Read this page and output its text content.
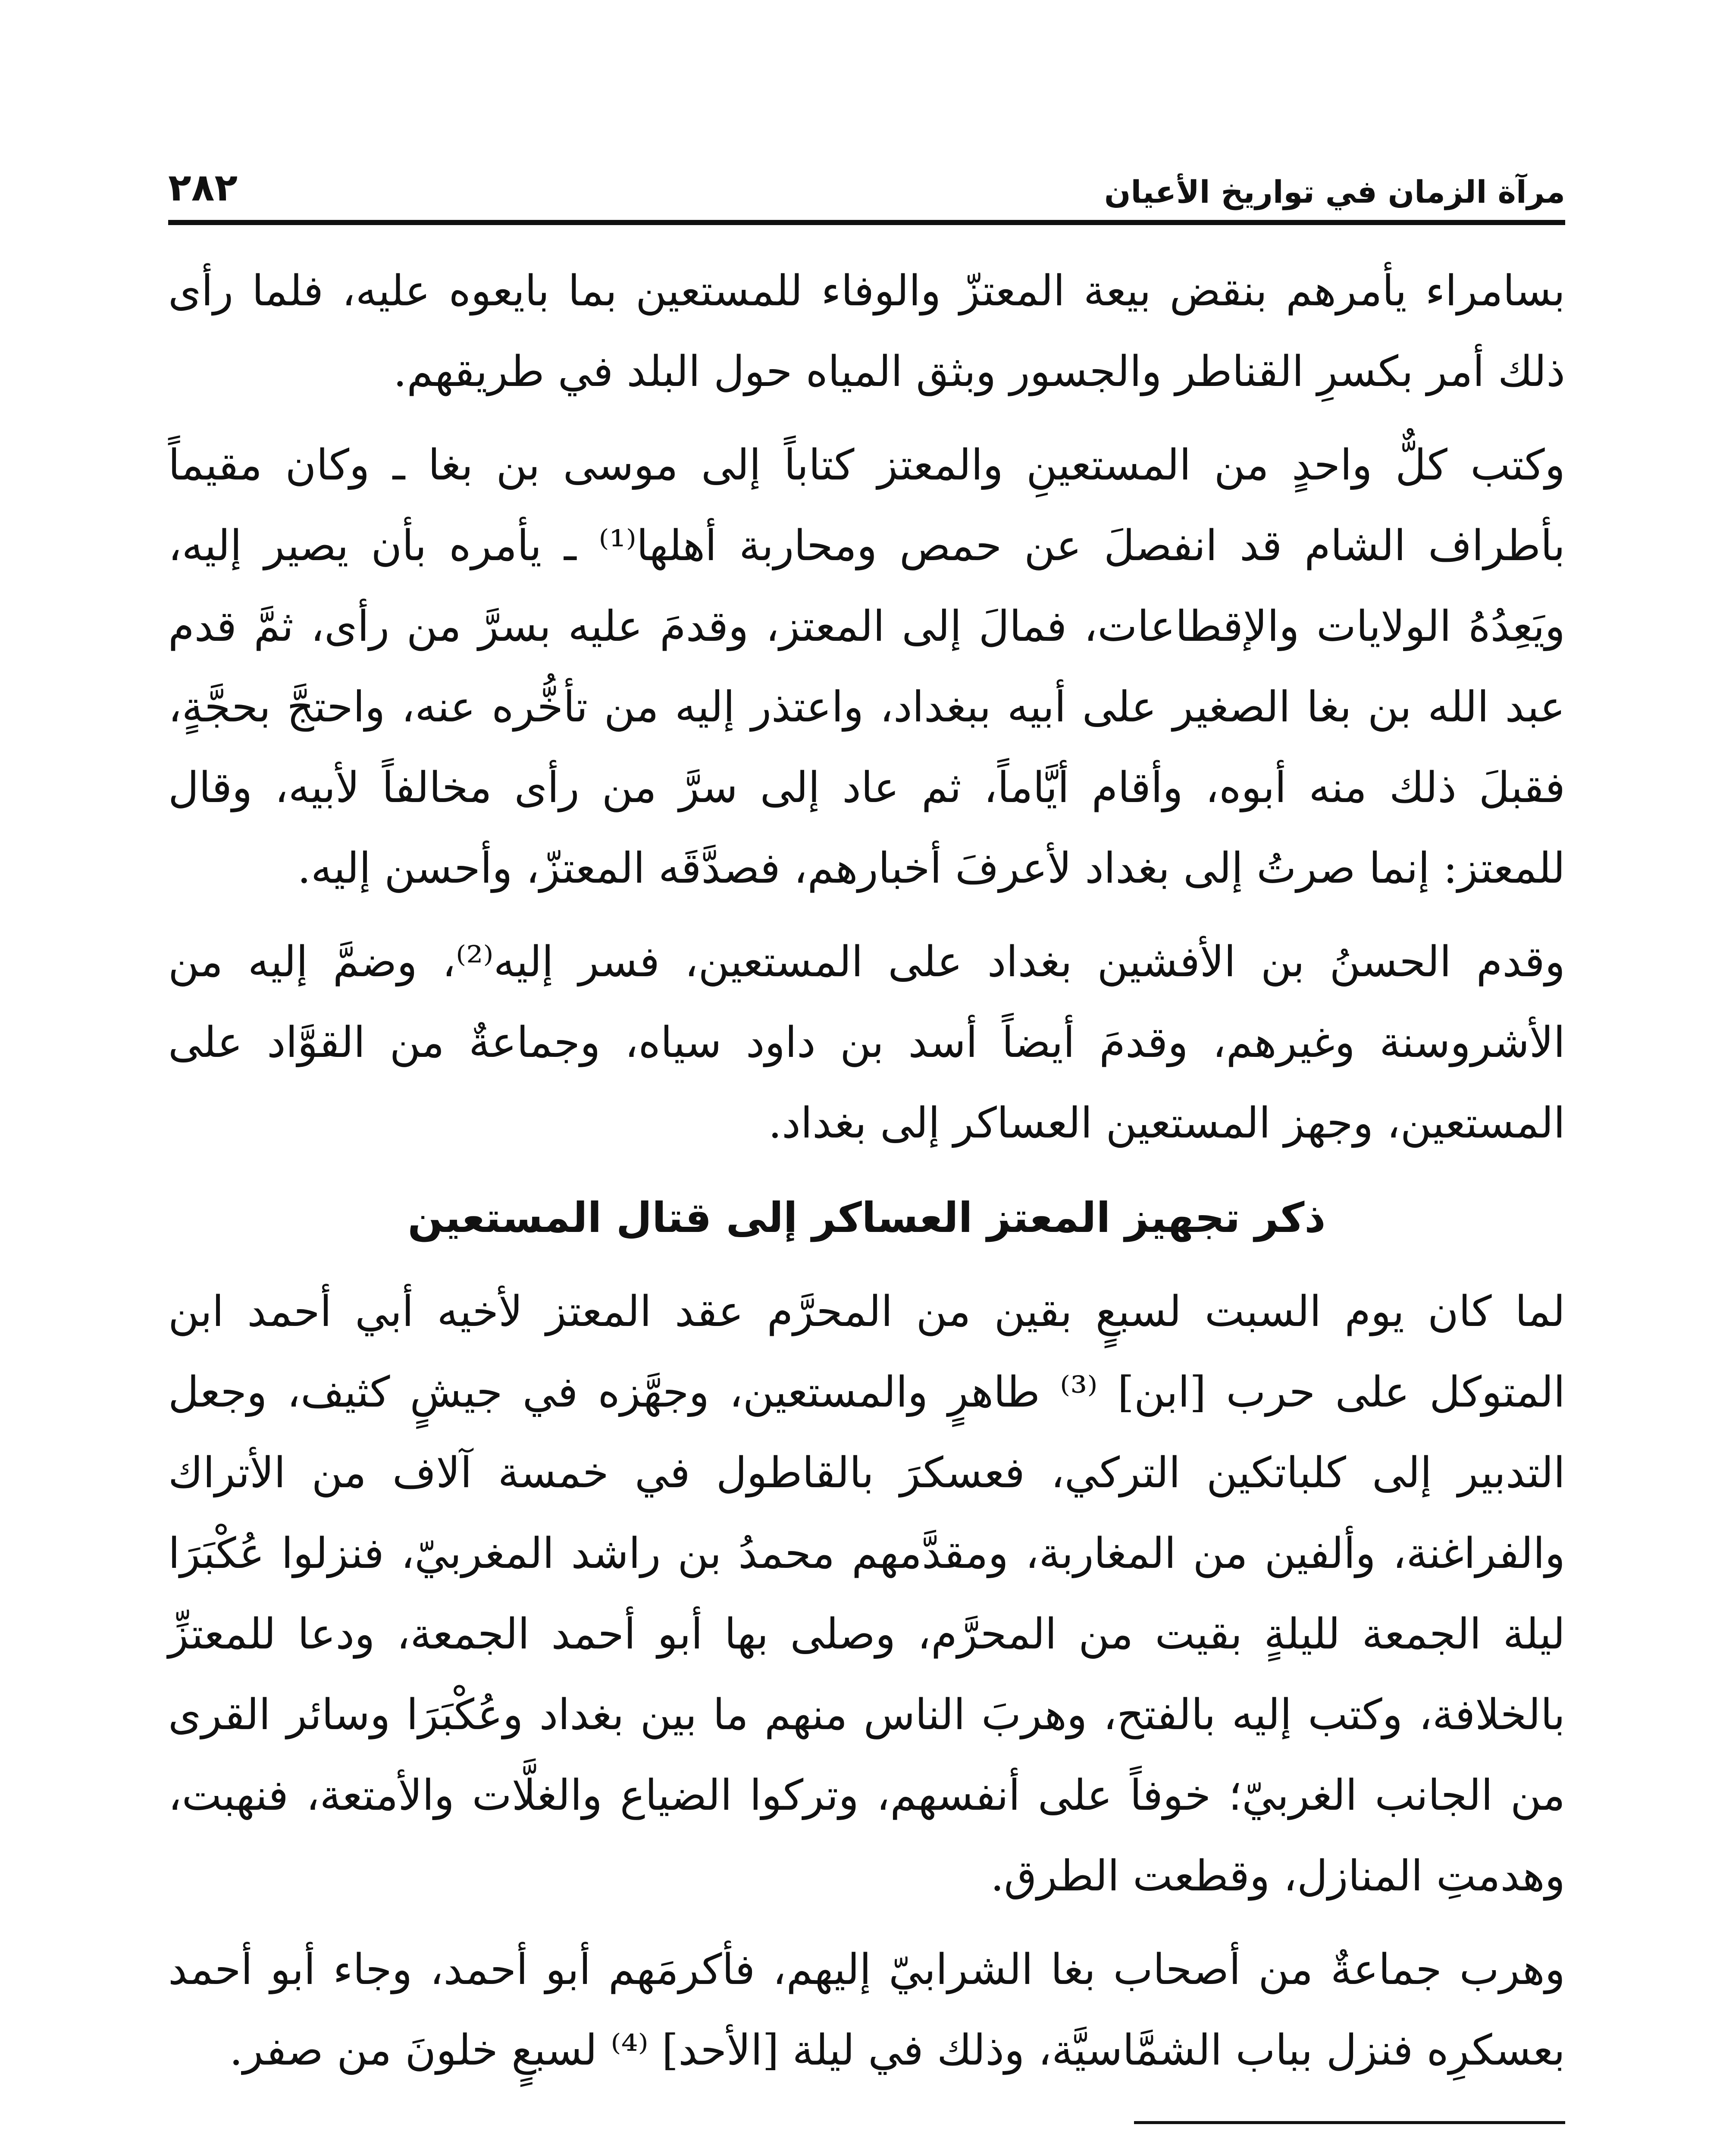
مرآة الزمان في تواريخ الأعيان
٢٨٢

بسامراء يأمرهم بنقض بيعة المعتزّ والوفاء للمستعين بما بايعوه عليه، فلما رأى ذلك أمر بكسرِ القناطر والجسور وبثق المياه حول البلد في طريقهم.

وكتب كلٌّ واحدٍ من المستعينِ والمعتز كتاباً إلى موسى بن بغا ـ وكان مقيماً بأطراف الشام قد انفصلَ عن حمص ومحاربة أهلها⁽¹⁾ ـ يأمره بأن يصير إليه، ويَعِدُهُ الولايات والإقطاعات، فمالَ إلى المعتز، وقدمَ عليه بسرَّ من رأى، ثمَّ قدم عبد الله بن بغا الصغير على أبيه ببغداد، واعتذر إليه من تأخُّره عنه، واحتجَّ بحجَّةٍ، فقبلَ ذلك منه أبوه، وأقام أيَّاماً، ثم عاد إلى سرَّ من رأى مخالفاً لأبيه، وقال للمعتز: إنما صرتُ إلى بغداد لأعرفَ أخبارهم، فصدَّقَه المعتزّ، وأحسن إليه.

وقدم الحسنُ بن الأفشين بغداد على المستعين، فسر إليه⁽²⁾، وضمَّ إليه من الأشروسنة وغيرهم، وقدمَ أيضاً أسد بن داود سياه، وجماعةٌ من القوَّاد على المستعين، وجهز المستعين العساكر إلى بغداد.

ذكر تجهيز المعتز العساكر إلى قتال المستعين

لما كان يوم السبت لسبعٍ بقين من المحرَّم عقد المعتز لأخيه أبي أحمد ابن المتوكل على حرب [ابن] ⁽³⁾ طاهرٍ والمستعين، وجهَّزه في جيشٍ كثيف، وجعل التدبير إلى كلباتكين التركي، فعسكرَ بالقاطول في خمسة آلاف من الأتراك والفراغنة، وألفين من المغاربة، ومقدَّمهم محمدُ بن راشد المغربيّ، فنزلوا عُكْبَرَا ليلة الجمعة لليلةٍ بقيت من المحرَّم، وصلى بها أبو أحمد الجمعة، ودعا للمعتزِّ بالخلافة، وكتب إليه بالفتح، وهربَ الناس منهم ما بين بغداد وعُكْبَرَا وسائر القرى من الجانب الغربيّ؛ خوفاً على أنفسهم، وتركوا الضياع والغلَّات والأمتعة، فنهبت، وهدمتِ المنازل، وقطعت الطرق.

وهرب جماعةٌ من أصحاب بغا الشرابيّ إليهم، فأكرمَهم أبو أحمد، وجاء أبو أحمد بعسكرِه فنزل بباب الشمَّاسيَّة، وذلك في ليلة [الأحد] ⁽⁴⁾ لسبعٍ خلونَ من صفر.
